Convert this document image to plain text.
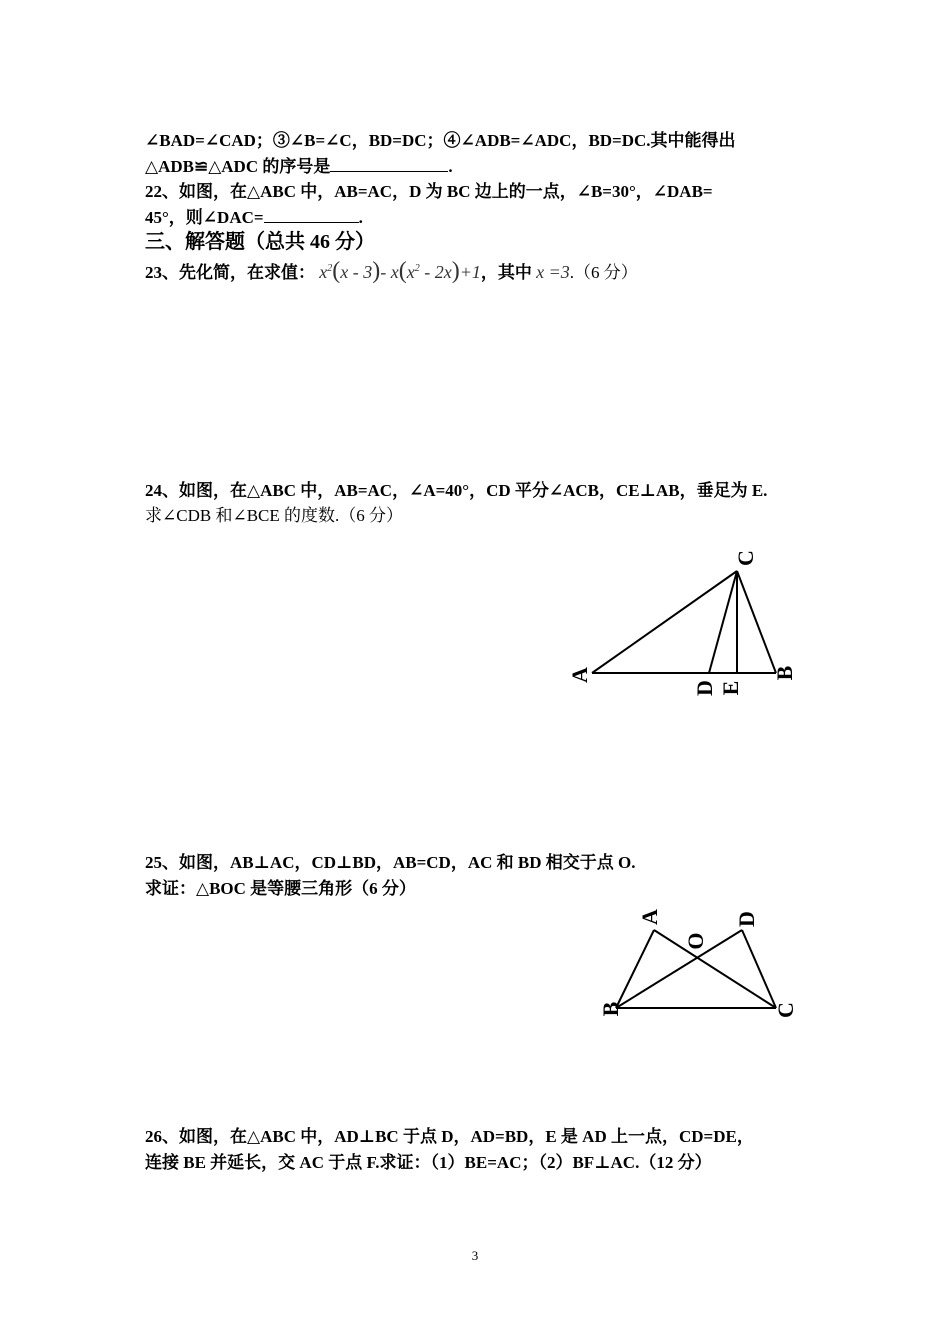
∠BAD=∠CAD；③∠B=∠C，BD=DC；④∠ADB=∠ADC，BD=DC.其中能得出
△ADB≌△ADC 的序号是	.
22、如图，在△ABC 中，AB=AC，D 为 BC 边上的一点，∠B=30°，∠DAB=
45°，则∠DAC=	.
三、解答题（总共 46 分）
23、先化简，在求值： $x^2(x - 3)-$ $x(x^2 - 2x)+1$，其中 x =3.（6 分）
24、如图，在△ABC 中，AB=AC，∠A=40°，CD 平分∠ACB，CE⊥AB，垂足为 E.
求∠CDB 和∠BCE 的度数.（6 分）
A	B
C
D E
25、如图，AB⊥AC，CD⊥BD，AB=CD，AC 和 BD 相交于点 O.
求证：△BOC 是等腰三角形（6 分）
A
B	C
D
O
26、如图，在△ABC 中，AD⊥BC 于点 D，AD=BD，E 是 AD 上一点，CD=DE，
连接 BE 并延长，交 AC 于点 F.求证：（1）BE=AC；（2）BF⊥AC.（12 分）
3
